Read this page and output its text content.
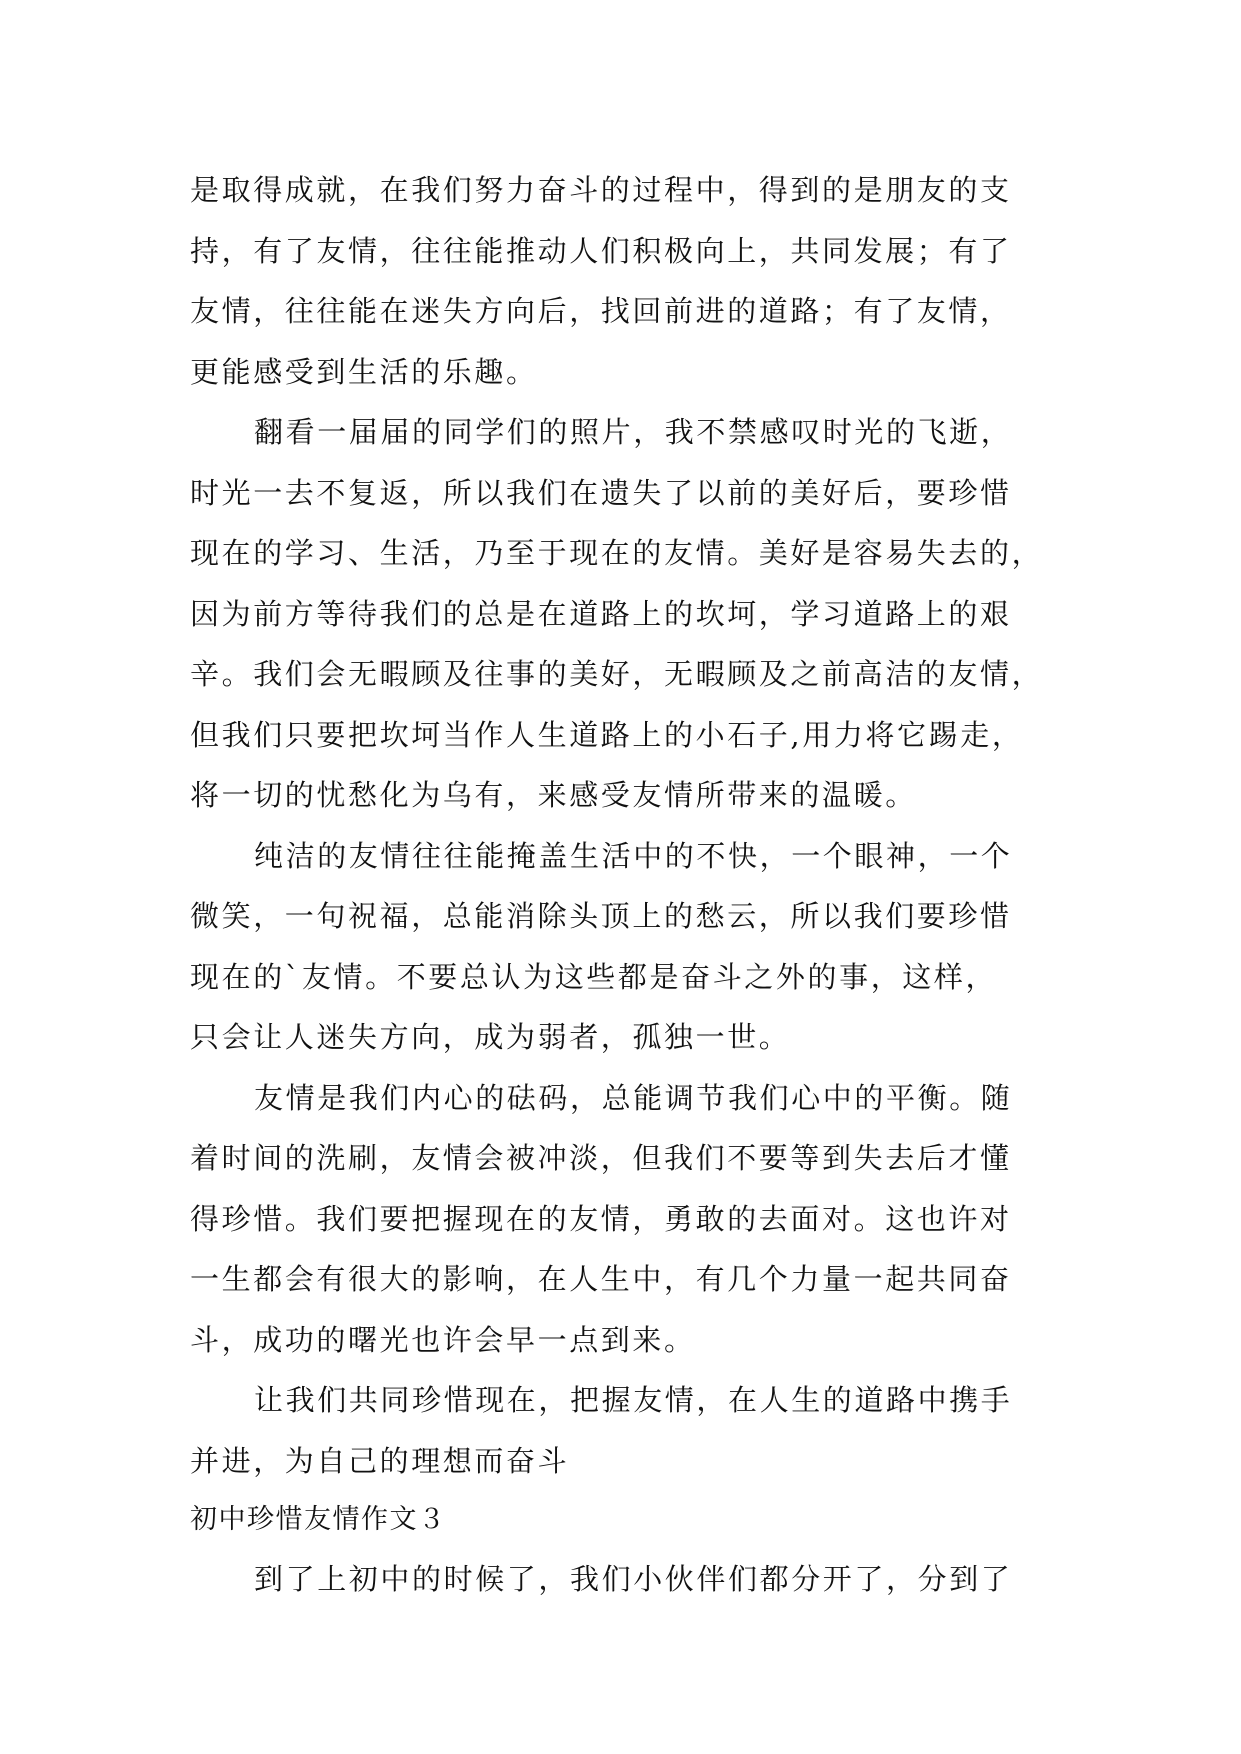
是取得成就，在我们努力奋斗的过程中，得到的是朋友的支
持，有了友情，往往能推动人们积极向上，共同发展；有了
友情，往往能在迷失方向后，找回前进的道路；有了友情，
更能感受到生活的乐趣。
翻看一届届的同学们的照片，我不禁感叹时光的飞逝，
时光一去不复返，所以我们在遗失了以前的美好后，要珍惜
现在的学习、生活，乃至于现在的友情。美好是容易失去的，
因为前方等待我们的总是在道路上的坎坷，学习道路上的艰
辛。我们会无暇顾及往事的美好，无暇顾及之前高洁的友情，
但我们只要把坎坷当作人生道路上的小石子,用力将它踢走，
将一切的忧愁化为乌有，来感受友情所带来的温暖。
纯洁的友情往往能掩盖生活中的不快，一个眼神，一个
微笑，一句祝福，总能消除头顶上的愁云，所以我们要珍惜
现在的`友情。不要总认为这些都是奋斗之外的事，这样，
只会让人迷失方向，成为弱者，孤独一世。
友情是我们内心的砝码，总能调节我们心中的平衡。随
着时间的洗刷，友情会被冲淡，但我们不要等到失去后才懂
得珍惜。我们要把握现在的友情，勇敢的去面对。这也许对
一生都会有很大的影响，在人生中，有几个力量一起共同奋
斗，成功的曙光也许会早一点到来。
让我们共同珍惜现在，把握友情，在人生的道路中携手
并进，为自己的理想而奋斗
初中珍惜友情作文３
到了上初中的时候了，我们小伙伴们都分开了，分到了
